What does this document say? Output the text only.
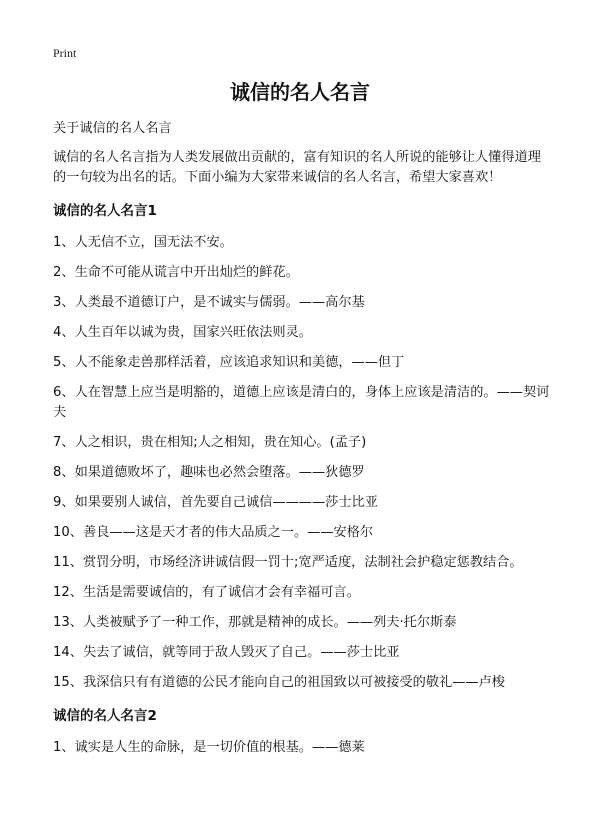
Print
诚信的名人名言

关于诚信的名人名言

诚信的名人名言指为人类发展做出贡献的，富有知识的名人所说的能够让人懂得道理的一句较为出名的话。下面小编为大家带来诚信的名人名言，希望大家喜欢！

诚信的名人名言1
1、人无信不立，国无法不安。
2、生命不可能从谎言中开出灿烂的鲜花。
3、人类最不道德订户，是不诚实与儒弱。——高尔基
4、人生百年以诚为贵，国家兴旺依法则灵。
5、人不能象走兽那样活着，应该追求知识和美德，——但丁
6、人在智慧上应当是明豁的，道德上应该是清白的，身体上应该是清洁的。——契诃夫
7、人之相识，贵在相知;人之相知，贵在知心。(孟子)
8、如果道德败坏了，趣味也必然会堕落。——狄德罗
9、如果要别人诚信，首先要自己诚信————莎士比亚
10、善良——这是天才者的伟大品质之一。——安格尔
11、赏罚分明，市场经济讲诚信假一罚十;宽严适度，法制社会护稳定惩教结合。
12、生活是需要诚信的，有了诚信才会有幸福可言。
13、人类被赋予了一种工作，那就是精神的成长。——列夫·托尔斯泰
14、失去了诚信，就等同于敌人毁灭了自己。——莎士比亚
15、我深信只有有道德的公民才能向自己的祖国致以可被接受的敬礼——卢梭
诚信的名人名言2
1、诚实是人生的命脉，是一切价值的根基。——德莱
